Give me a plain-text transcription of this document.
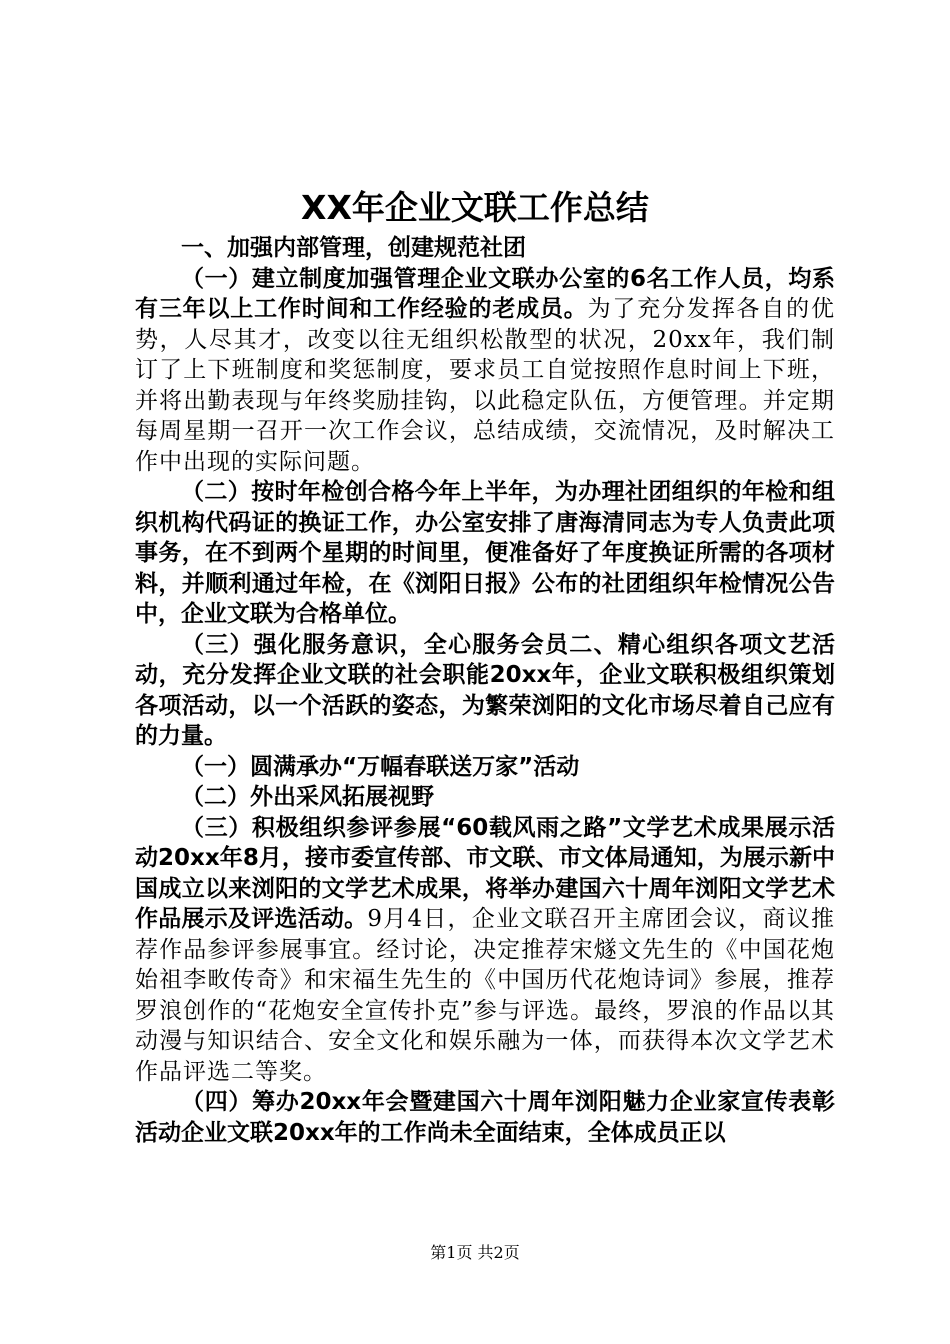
XX年企业文联工作总结

一、加强内部管理，创建规范社团

（一）建立制度加强管理企业文联办公室的6名工作人员，均系有三年以上工作时间和工作经验的老成员。为了充分发挥各自的优势，人尽其才，改变以往无组织松散型的状况，20xx年，我们制订了上下班制度和奖惩制度，要求员工自觉按照作息时间上下班，并将出勤表现与年终奖励挂钩，以此稳定队伍，方便管理。并定期每周星期一召开一次工作会议，总结成绩，交流情况，及时解决工作中出现的实际问题。

（二）按时年检创合格今年上半年，为办理社团组织的年检和组织机构代码证的换证工作，办公室安排了唐海清同志为专人负责此项事务，在不到两个星期的时间里，便准备好了年度换证所需的各项材料，并顺利通过年检，在《浏阳日报》公布的社团组织年检情况公告中，企业文联为合格单位。

（三）强化服务意识，全心服务会员二、精心组织各项文艺活动，充分发挥企业文联的社会职能20xx年，企业文联积极组织策划各项活动，以一个活跃的姿态，为繁荣浏阳的文化市场尽着自己应有的力量。

（一）圆满承办“万幅春联送万家”活动

（二）外出采风拓展视野

（三）积极组织参评参展“60载风雨之路”文学艺术成果展示活动20xx年8月，接市委宣传部、市文联、市文体局通知，为展示新中国成立以来浏阳的文学艺术成果，将举办建国六十周年浏阳文学艺术作品展示及评选活动。9月4日，企业文联召开主席团会议，商议推荐作品参评参展事宜。经讨论，决定推荐宋燧文先生的《中国花炮始祖李畋传奇》和宋福生先生的《中国历代花炮诗词》参展，推荐罗浪创作的“花炮安全宣传扑克”参与评选。最终，罗浪的作品以其动漫与知识结合、安全文化和娱乐融为一体，而获得本次文学艺术作品评选二等奖。

（四）筹办20xx年会暨建国六十周年浏阳魅力企业家宣传表彰活动企业文联20xx年的工作尚未全面结束，全体成员正以

第1页 共2页
